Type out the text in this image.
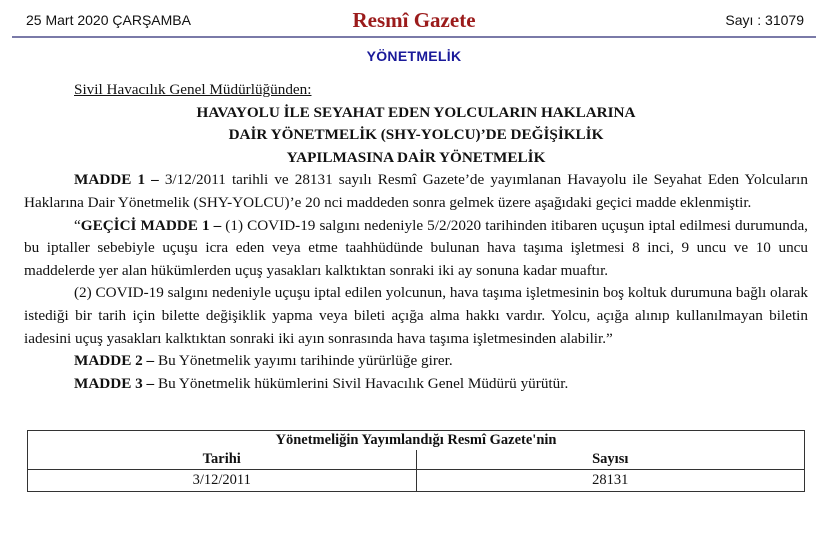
25 Mart 2020 ÇARŞAMBA	Resmî Gazete	Sayı : 31079
YÖNETMELİK
Sivil Havacılık Genel Müdürlüğünden:
HAVAYOLU İLE SEYAHAT EDEN YOLCULARIN HAKLARINA
DAİR YÖNETMELİK (SHY-YOLCU)’DE DEĞİŞİKLİK
YAPILMASINA DAİR YÖNETMELİK

MADDE 1 – 3/12/2011 tarihli ve 28131 sayılı Resmî Gazete’de yayımlanan Havayolu ile Seyahat Eden Yolcuların Haklarına Dair Yönetmelik (SHY-YOLCU)’e 20 nci maddeden sonra gelmek üzere aşağıdaki geçici madde eklenmiştir.

“GEÇİCİ MADDE 1 – (1) COVID-19 salgını nedeniyle 5/2/2020 tarihinden itibaren uçuşun iptal edilmesi durumunda, bu iptaller sebebiyle uçuşu icra eden veya etme taahhüdünde bulunan hava taşıma işletmesi 8 inci, 9 uncu ve 10 uncu maddelerde yer alan hükümlerden uçuş yasakları kalktıktan sonraki iki ay sonuna kadar muaftır.

(2) COVID-19 salgını nedeniyle uçuşu iptal edilen yolcunun, hava taşıma işletmesinin boş koltuk durumuna bağlı olarak istediği bir tarih için bilette değişiklik yapma veya bileti açığa alma hakkı vardır. Yolcu, açığa alınıp kullanılmayan biletin iadesini uçuş yasakları kalktıktan sonraki iki ayın sonrasında hava taşıma işletmesinden alabilir.”

MADDE 2 – Bu Yönetmelik yayımı tarihinde yürürlüğe girer.

MADDE 3 – Bu Yönetmelik hükümlerini Sivil Havacılık Genel Müdürü yürütür.

Yönetmeliğin Yayımlandığı Resmî Gazete'nin	
Tarihi	Sayısı
3/12/2011	28131
